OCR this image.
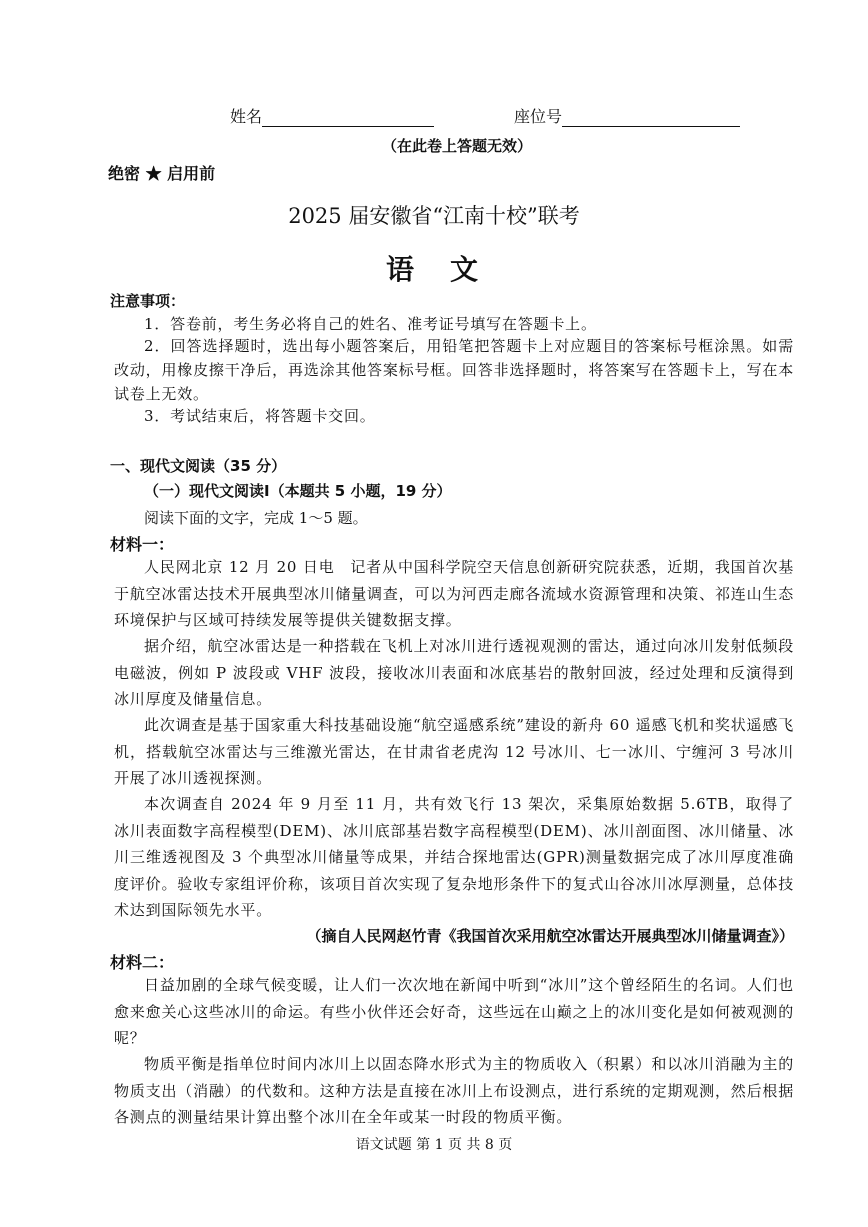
姓名	座位号
（在此卷上答题无效）
绝密 ★ 启用前
2025 届安徽省“江南十校”联考
语　文
注意事项：

1．答卷前，考生务必将自己的姓名、准考证号填写在答题卡上。

2．回答选择题时，选出每小题答案后，用铅笔把答题卡上对应题目的答案标号框涂黑。如需改动，用橡皮擦干净后，再选涂其他答案标号框。回答非选择题时，将答案写在答题卡上，写在本试卷上无效。

3．考试结束后，将答题卡交回。

一、现代文阅读（35 分）
（一）现代文阅读Ⅰ（本题共 5 小题，19 分）
阅读下面的文字，完成 1～5 题。
材料一：

人民网北京 12 月 20 日电　记者从中国科学院空天信息创新研究院获悉，近期，我国首次基于航空冰雷达技术开展典型冰川储量调查，可以为河西走廊各流域水资源管理和决策、祁连山生态环境保护与区域可持续发展等提供关键数据支撑。

据介绍，航空冰雷达是一种搭载在飞机上对冰川进行透视观测的雷达，通过向冰川发射低频段电磁波，例如 P 波段或 VHF 波段，接收冰川表面和冰底基岩的散射回波，经过处理和反演得到冰川厚度及储量信息。

此次调查是基于国家重大科技基础设施“航空遥感系统”建设的新舟 60 遥感飞机和奖状遥感飞机，搭载航空冰雷达与三维激光雷达，在甘肃省老虎沟 12 号冰川、七一冰川、宁缠河 3 号冰川开展了冰川透视探测。

本次调查自 2024 年 9 月至 11 月，共有效飞行 13 架次，采集原始数据 5.6TB，取得了冰川表面数字高程模型(DEM)、冰川底部基岩数字高程模型(DEM)、冰川剖面图、冰川储量、冰川三维透视图及 3 个典型冰川储量等成果，并结合探地雷达(GPR)测量数据完成了冰川厚度准确度评价。验收专家组评价称，该项目首次实现了复杂地形条件下的复式山谷冰川冰厚测量，总体技术达到国际领先水平。

（摘自人民网赵竹青《我国首次采用航空冰雷达开展典型冰川储量调查》）
材料二：

日益加剧的全球气候变暖，让人们一次次地在新闻中听到“冰川”这个曾经陌生的名词。人们也愈来愈关心这些冰川的命运。有些小伙伴还会好奇，这些远在山巅之上的冰川变化是如何被观测的呢？

物质平衡是指单位时间内冰川上以固态降水形式为主的物质收入（积累）和以冰川消融为主的物质支出（消融）的代数和。这种方法是直接在冰川上布设测点，进行系统的定期观测，然后根据各测点的测量结果计算出整个冰川在全年或某一时段的物质平衡。

语文试题 第 1 页 共 8 页
